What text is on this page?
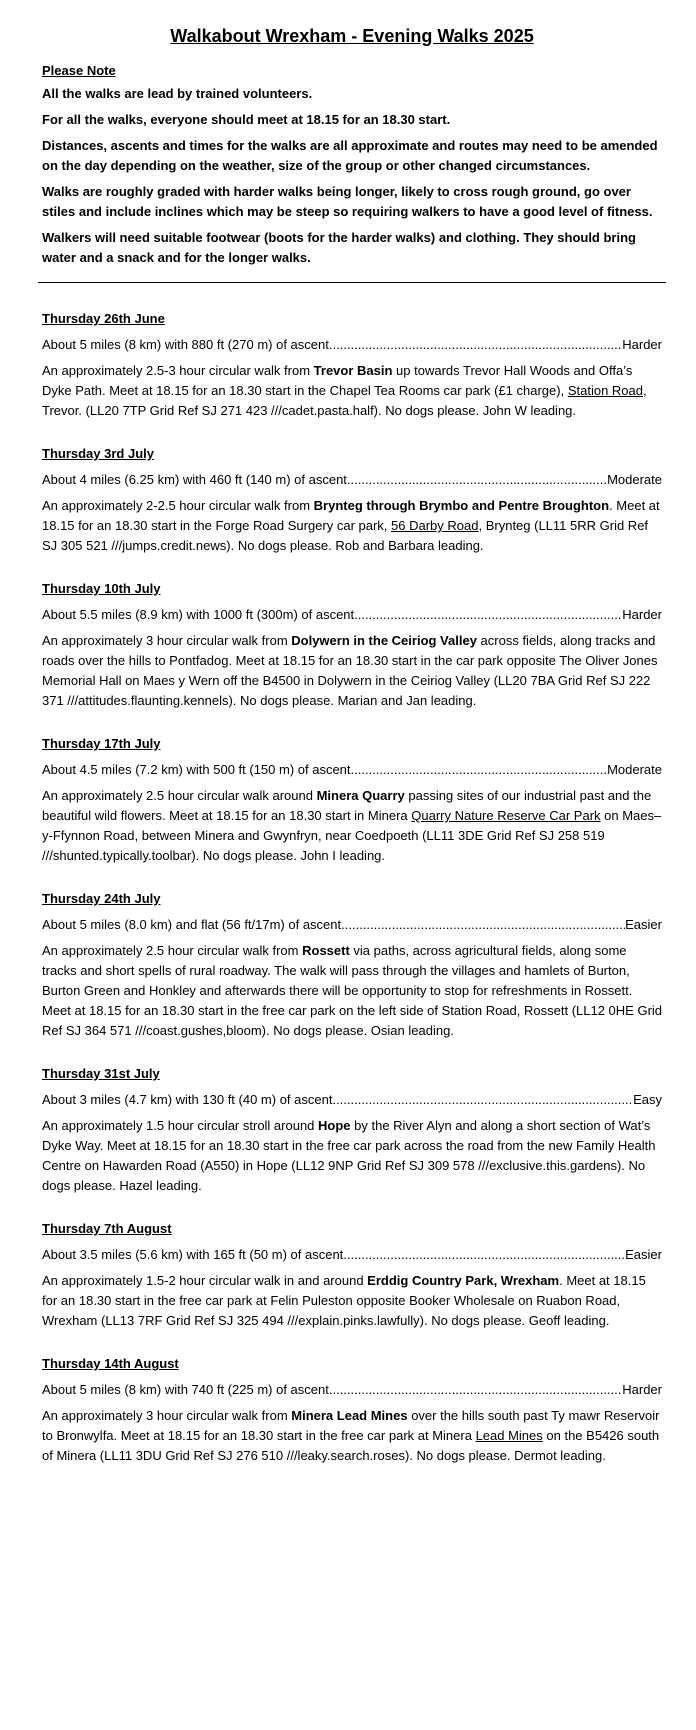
Walkabout Wrexham - Evening Walks 2025
Please Note
All the walks are lead by trained volunteers.
For all the walks, everyone should meet at 18.15 for an 18.30 start.
Distances, ascents and times for the walks are all approximate and routes may need to be amended on the day depending on the weather, size of the group or other changed circumstances.
Walks are roughly graded with harder walks being longer, likely to cross rough ground, go over stiles and include inclines which may be steep so requiring walkers to have a good level of fitness.
Walkers will need suitable footwear (boots for the harder walks) and clothing. They should bring water and a snack and for the longer walks.
Thursday 26th June
About 5 miles (8 km) with 880 ft (270 m) of ascent .....	Harder

An approximately 2.5-3 hour circular walk from Trevor Basin up towards Trevor Hall Woods and Offa’s Dyke Path. Meet at 18.15 for an 18.30 start in the Chapel Tea Rooms car park (£1 charge), Station Road, Trevor. (LL20 7TP Grid Ref SJ 271 423 ///cadet.pasta.half). No dogs please. John W leading.

Thursday 3rd July
About 4 miles (6.25 km) with 460 ft (140 m) of ascent .....	Moderate

An approximately 2-2.5 hour circular walk from Brynteg through Brymbo and Pentre Broughton. Meet at 18.15 for an 18.30 start in the Forge Road Surgery car park, 56 Darby Road, Brynteg (LL11 5RR Grid Ref SJ 305 521 ///jumps.credit.news). No dogs please. Rob and Barbara leading.

Thursday 10th July
About 5.5 miles (8.9 km) with 1000 ft (300m) of ascent .....	Harder

An approximately 3 hour circular walk from Dolywern in the Ceiriog Valley across fields, along tracks and roads over the hills to Pontfadog. Meet at 18.15 for an 18.30 start in the car park opposite The Oliver Jones Memorial Hall on Maes y Wern off the B4500 in Dolywern in the Ceiriog Valley (LL20 7BA Grid Ref SJ 222 371 ///attitudes.flaunting.kennels). No dogs please. Marian and Jan leading.

Thursday 17th July
About 4.5 miles (7.2 km) with 500 ft (150 m) of ascent .....	Moderate

An approximately 2.5 hour circular walk around Minera Quarry passing sites of our industrial past and the beautiful wild flowers. Meet at 18.15 for an 18.30 start in Minera Quarry Nature Reserve Car Park on Maes–y-Ffynnon Road, between Minera and Gwynfryn, near Coedpoeth (LL11 3DE Grid Ref SJ 258 519 ///shunted.typically.toolbar). No dogs please. John I leading.

Thursday 24th July
About 5 miles (8.0 km) and flat (56 ft/17m) of ascent .....	Easier

An approximately 2.5 hour circular walk from Rossett via paths, across agricultural fields, along some tracks and short spells of rural roadway. The walk will pass through the villages and hamlets of Burton, Burton Green and Honkley and afterwards there will be opportunity to stop for refreshments in Rossett. Meet at 18.15 for an 18.30 start in the free car park on the left side of Station Road, Rossett (LL12 0HE Grid Ref SJ 364 571 ///coast.gushes,bloom). No dogs please. Osian leading.

Thursday 31st July
About 3 miles (4.7 km) with 130 ft (40 m) of ascent .....	Easy

An approximately 1.5 hour circular stroll around Hope by the River Alyn and along a short section of Wat’s Dyke Way. Meet at 18.15 for an 18.30 start in the free car park across the road from the new Family Health Centre on Hawarden Road (A550) in Hope (LL12 9NP Grid Ref SJ 309 578 ///exclusive.this.gardens). No dogs please. Hazel leading.

Thursday 7th August
About 3.5 miles (5.6 km) with 165 ft (50 m) of ascent .....	Easier

An approximately 1.5-2 hour circular walk in and around Erddig Country Park, Wrexham. Meet at 18.15 for an 18.30 start in the free car park at Felin Puleston opposite Booker Wholesale on Ruabon Road, Wrexham (LL13 7RF Grid Ref SJ 325 494 ///explain.pinks.lawfully). No dogs please. Geoff leading.

Thursday 14th August
About 5 miles (8 km) with 740 ft (225 m) of ascent .....	Harder

An approximately 3 hour circular walk from Minera Lead Mines over the hills south past Ty mawr Reservoir to Bronwylfa. Meet at 18.15 for an 18.30 start in the free car park at Minera Lead Mines on the B5426 south of Minera (LL11 3DU Grid Ref SJ 276 510 ///leaky.search.roses). No dogs please. Dermot leading.
